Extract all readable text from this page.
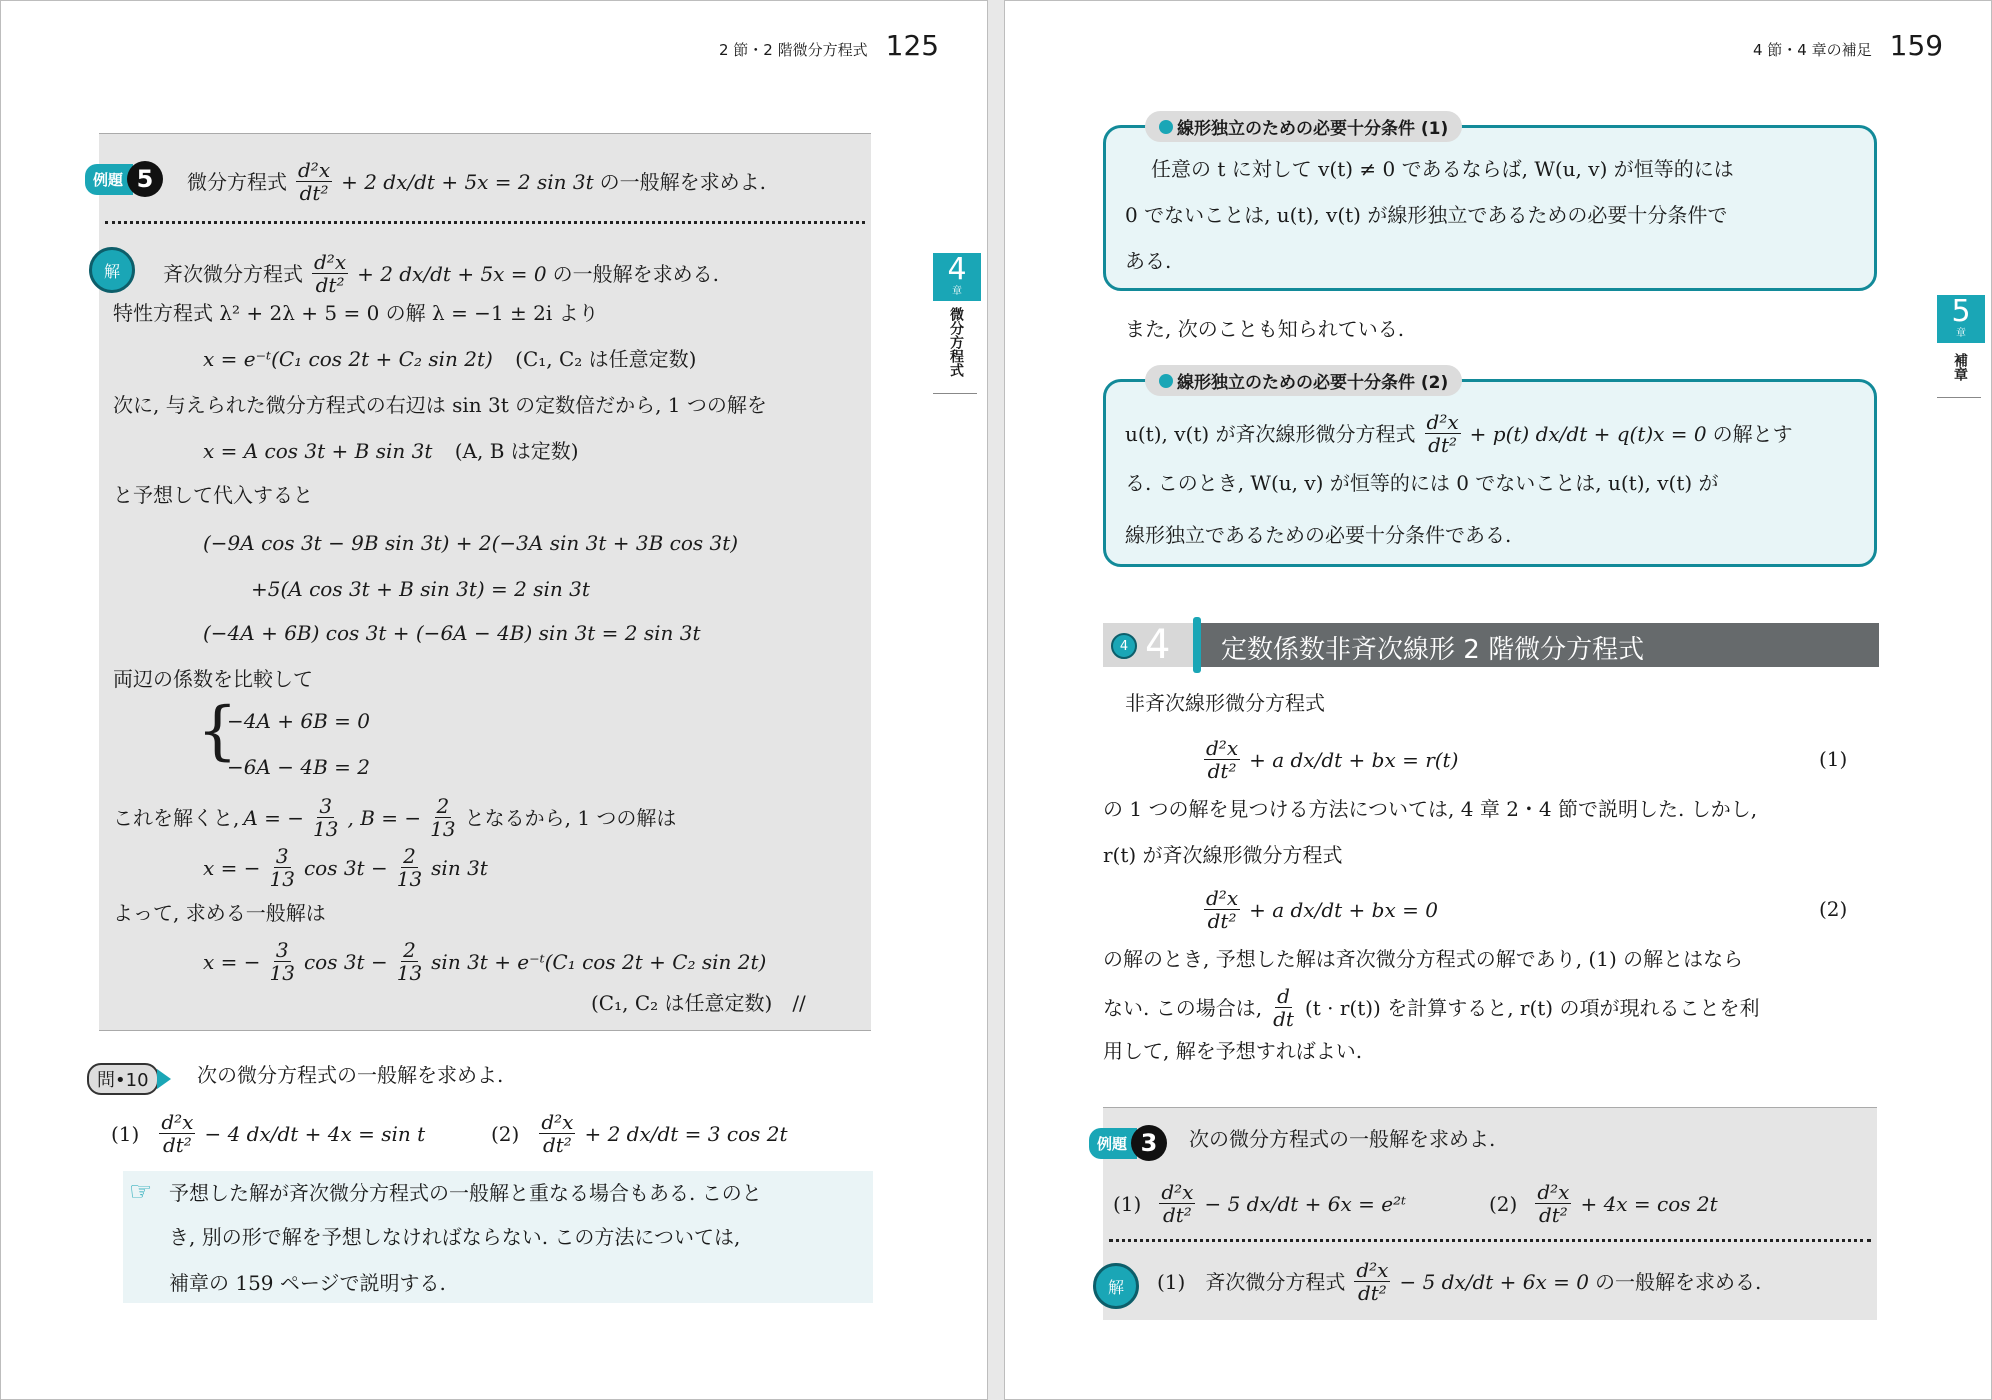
2 節・2 階微分方程式 125
4
章
微分方程式
例題 5	微分方程式 $\frac{\text{d²x}}{\text{dt²}} + 2$ dx/dt + 5x = 2 sin 3t の一般解を求めよ.
解	斉次微分方程式 $\frac{\text{d²x}}{\text{dt²}} + 2$ dx/dt + 5x = 0 の一般解を求める.
特性方程式 λ² + 2λ + 5 = 0 の解 λ = −1 ± 2i より
x = e⁻ᵗ(C₁ cos 2t + C₂ sin 2t) (C₁, C₂ は任意定数)
次に, 与えられた微分方程式の右辺は sin 3t の定数倍だから, 1 つの解を
x = A cos 3t + B sin 3t (A, B は定数)
と予想して代入すると
(−9A cos 3t − 9B sin 3t) + 2(−3A sin 3t + 3B cos 3t)
+5(A cos 3t + B sin 3t) = 2 sin 3t
(−4A + 6B) cos 3t + (−6A − 4B) sin 3t = 2 sin 3t
両辺の係数を比較して
{
−4A + 6B = 0
−6A − 4B = 2
これを解くと, A = − $\frac{3}{13}$ , B = − $\frac{2}{13}$ となるから, 1 つの解は
x = − $\frac{3}{13}$ $\cos 3t - \frac{2}{13}$ sin 3t
よって, 求める一般解は
x = − $\frac{3}{13}$ $\cos 3t - \frac{2}{13}$ sin 3t + e⁻ᵗ(C₁ cos 2t + C₂ sin 2t)
(C₁, C₂ は任意定数)　//
問•10	次の微分方程式の一般解を求めよ.
$(1) \frac{\text{d²x}}{\text{dt²}} - 4$ dx/dt + 4x = sin t	$(2) \frac{\text{d²x}}{\text{dt²}} + 2$ dx/dt = 3 cos 2t
☞ 予想した解が斉次微分方程式の一般解と重なる場合もある. このと
き, 別の形で解を予想しなければならない. この方法については,
補章の 159 ページで説明する.
4 節・4 章の補足 159
5
章
補章
線形独立のための必要十分条件 (1)
任意の t に対して v(t) ≠ 0 であるならば, W(u, v) が恒等的には
0 でないことは, u(t), v(t) が線形独立であるための必要十分条件で
ある.
また, 次のことも知られている.
線形独立のための必要十分条件 (2)
u(t), v(t) が斉次線形微分方程式 $\frac{\text{d²x}}{\text{dt²}} + p(t) dx/dt + q(t)x = 0$ の解とす
る. このとき, W(u, v) が恒等的には 0 でないことは, u(t), v(t) が
線形独立であるための必要十分条件である.
4 4 定数係数非斉次線形 2 階微分方程式
非斉次線形微分方程式
$\frac{\text{d²x}}{\text{dt²}} + a$ dx/dt + bx = r(t)	(1)
の 1 つの解を見つける方法については, 4 章 2・4 節で説明した. しかし,
r(t) が斉次線形微分方程式
$\frac{\text{d²x}}{\text{dt²}} + a$ dx/dt + bx = 0	(2)
の解のとき, 予想した解は斉次微分方程式の解であり, (1) の解とはなら
ない. この場合は, $\frac{d}{dt} (t \cdot r(t))$ を計算すると, r(t) の項が現れることを利
用して, 解を予想すればよい.
例題 3	次の微分方程式の一般解を求めよ.
$(1) \frac{\text{d²x}}{\text{dt²}} - 5$ dx/dt + 6x = e²ᵗ	$(2) \frac{\text{d²x}}{\text{dt²}} + 4x = \cos 2t$
解	(1)　斉次微分方程式 $\frac{\text{d²x}}{\text{dt²}} - 5$ dx/dt + 6x = 0 の一般解を求める.
